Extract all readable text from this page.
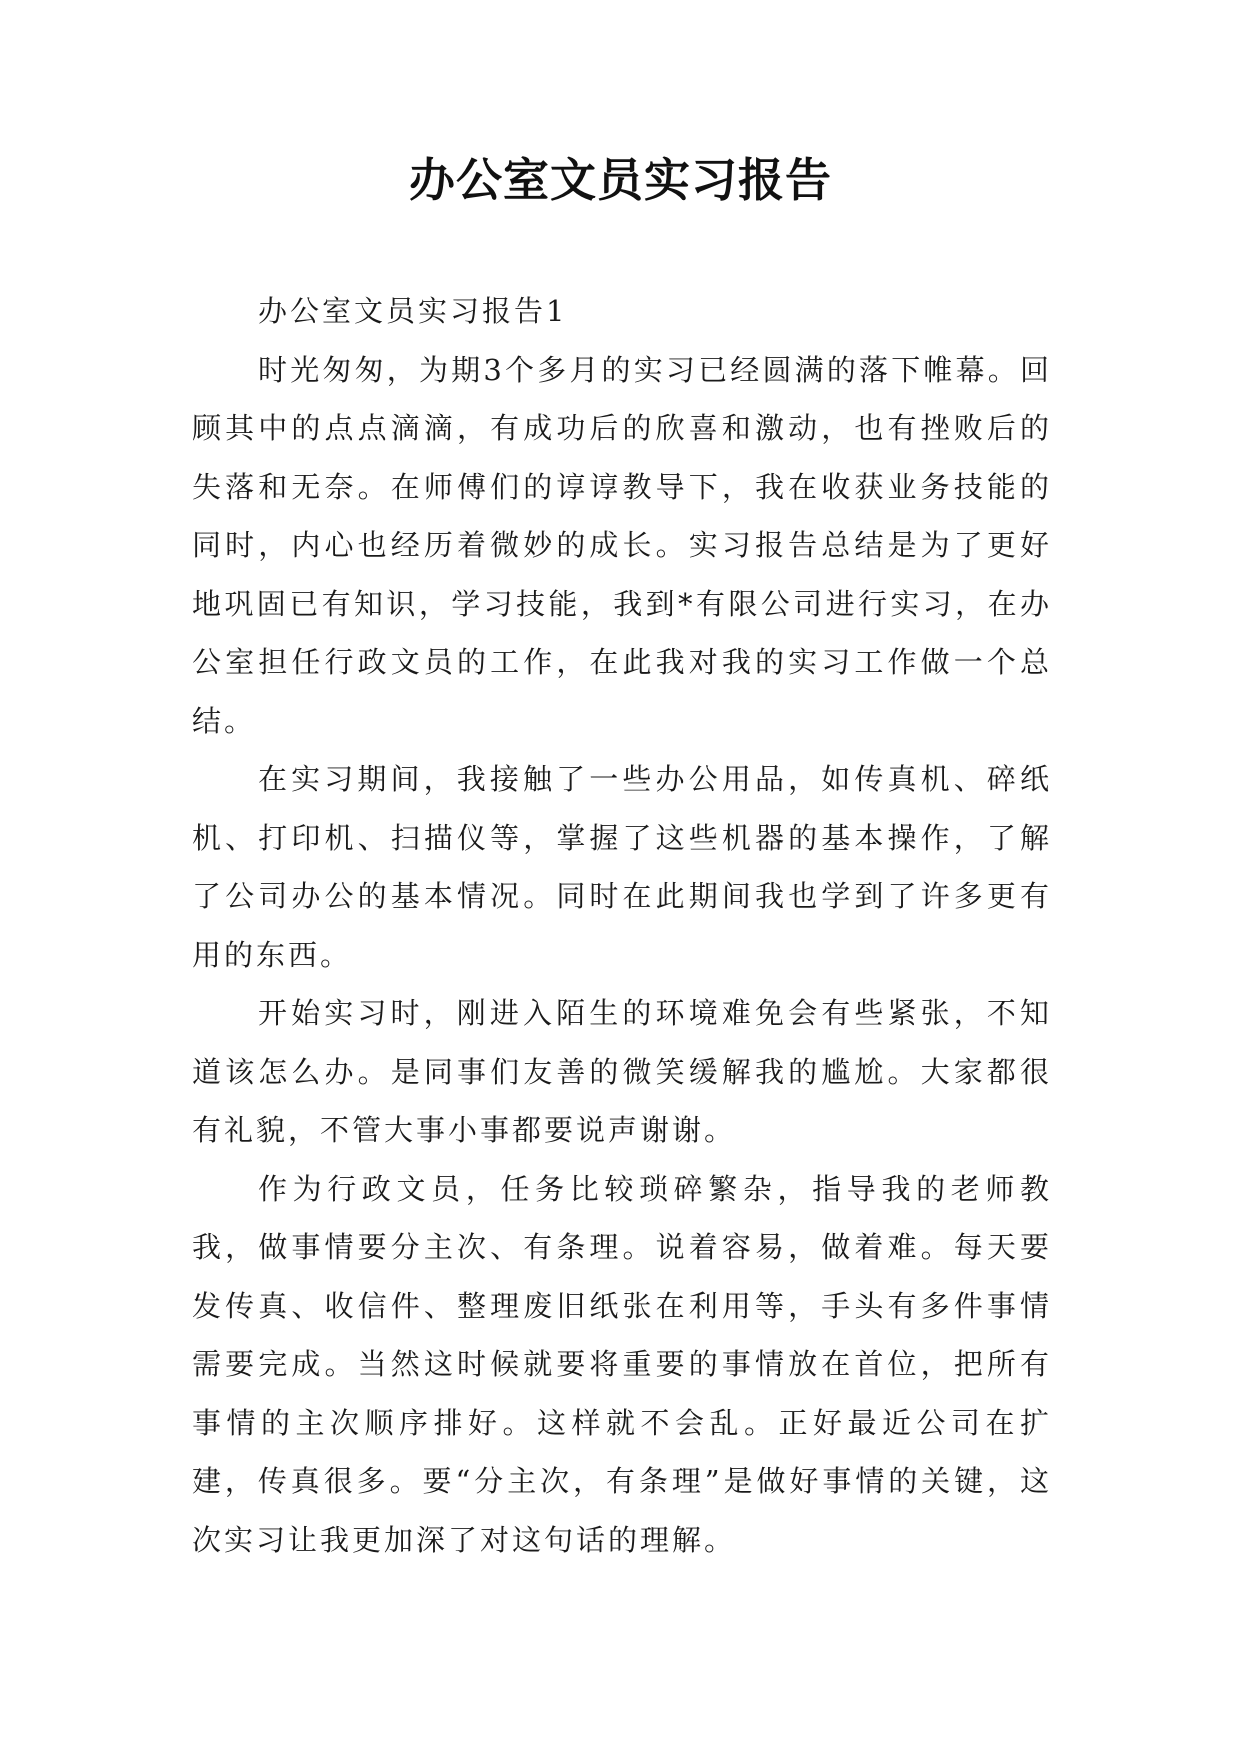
办公室文员实习报告

办公室文员实习报告1

时光匆匆，为期3个多月的实习已经圆满的落下帷幕。回顾其中的点点滴滴，有成功后的欣喜和激动，也有挫败后的失落和无奈。在师傅们的谆谆教导下，我在收获业务技能的同时，内心也经历着微妙的成长。实习报告总结是为了更好地巩固已有知识，学习技能，我到*有限公司进行实习，在办公室担任行政文员的工作，在此我对我的实习工作做一个总结。

在实习期间，我接触了一些办公用品，如传真机、碎纸机、打印机、扫描仪等，掌握了这些机器的基本操作，了解了公司办公的基本情况。同时在此期间我也学到了许多更有用的东西。

开始实习时，刚进入陌生的环境难免会有些紧张，不知道该怎么办。是同事们友善的微笑缓解我的尴尬。大家都很有礼貌，不管大事小事都要说声谢谢。

作为行政文员，任务比较琐碎繁杂，指导我的老师教我，做事情要分主次、有条理。说着容易，做着难。每天要发传真、收信件、整理废旧纸张在利用等，手头有多件事情需要完成。当然这时候就要将重要的事情放在首位，把所有事情的主次顺序排好。这样就不会乱。正好最近公司在扩建，传真很多。要“分主次，有条理”是做好事情的关键，这次实习让我更加深了对这句话的理解。
